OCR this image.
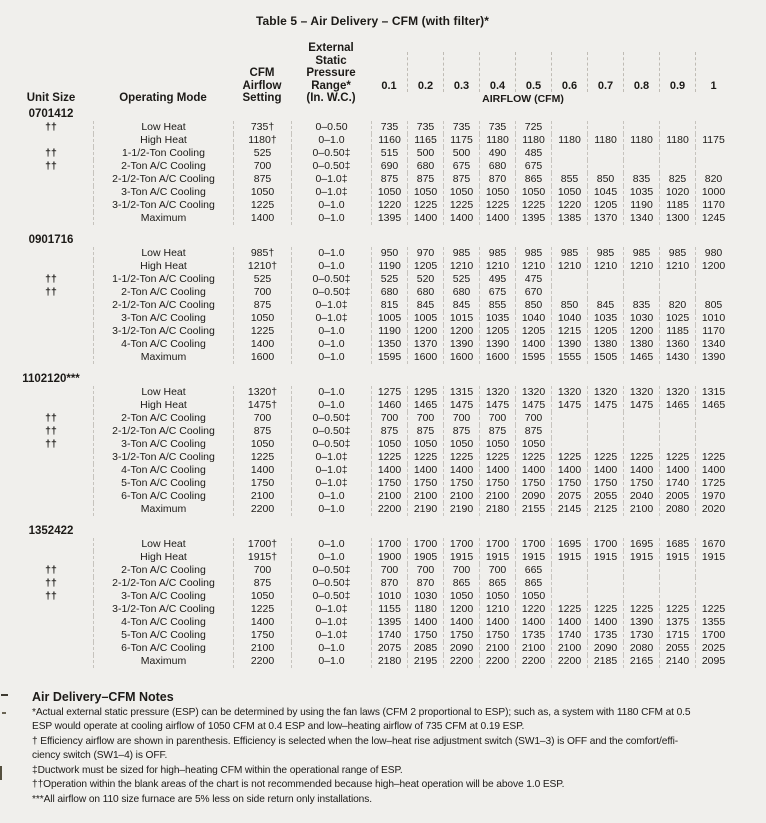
Table 5 – Air Delivery – CFM (with filter)*
Unit Size	Operating Mode
CFM
Airflow
Setting
External
Static
Pressure
Range*
(In. W.C.)
0.1	0.2	0.3	0.4	0.5	0.6	0.7	0.8	0.9	1
AIRFLOW (CFM)
0701412
††	Low Heat	735†	0–0.50	735	735	735	735	725
High Heat	1180†	0–1.0	1160	1165	1175	1180	1180	1180	1180	1180	1180	1175
††	1-1/2-Ton Cooling	525	0–0.50‡	515	500	500	490	485
††	2-Ton A/C Cooling	700	0–0.50‡	690	680	675	680	675
2-1/2-Ton A/C Cooling	875	0–1.0‡	875	875	875	870	865	855	850	835	825	820
3-Ton A/C Cooling	1050	0–1.0‡	1050	1050	1050	1050	1050	1050	1045	1035	1020	1000
3-1/2-Ton A/C Cooling	1225	0–1.0	1220	1225	1225	1225	1225	1220	1205	1190	1185	1170
Maximum	1400	0–1.0	1395	1400	1400	1400	1395	1385	1370	1340	1300	1245
0901716
Low Heat	985†	0–1.0	950	970	985	985	985	985	985	985	985	980
High Heat	1210†	0–1.0	1190	1205	1210	1210	1210	1210	1210	1210	1210	1200
††	1-1/2-Ton A/C Cooling	525	0–0.50‡	525	520	525	495	475
††	2-Ton A/C Cooling	700	0–0.50‡	680	680	680	675	670
2-1/2-Ton A/C Cooling	875	0–1.0‡	815	845	845	855	850	850	845	835	820	805
3-Ton A/C Cooling	1050	0–1.0‡	1005	1005	1015	1035	1040	1040	1035	1030	1025	1010
3-1/2-Ton A/C Cooling	1225	0–1.0	1190	1200	1200	1205	1205	1215	1205	1200	1185	1170
4-Ton A/C Cooling	1400	0–1.0	1350	1370	1390	1390	1400	1390	1380	1380	1360	1340
Maximum	1600	0–1.0	1595	1600	1600	1600	1595	1555	1505	1465	1430	1390
1102120***
Low Heat	1320†	0–1.0	1275	1295	1315	1320	1320	1320	1320	1320	1320	1315
High Heat	1475†	0–1.0	1460	1465	1475	1475	1475	1475	1475	1475	1465	1465
††	2-Ton A/C Cooling	700	0–0.50‡	700	700	700	700	700
††	2-1/2-Ton A/C Cooling	875	0–0.50‡	875	875	875	875	875
††	3-Ton A/C Cooling	1050	0–0.50‡	1050	1050	1050	1050	1050
3-1/2-Ton A/C Cooling	1225	0–1.0‡	1225	1225	1225	1225	1225	1225	1225	1225	1225	1225
4-Ton A/C Cooling	1400	0–1.0‡	1400	1400	1400	1400	1400	1400	1400	1400	1400	1400
5-Ton A/C Cooling	1750	0–1.0‡	1750	1750	1750	1750	1750	1750	1750	1750	1740	1725
6-Ton A/C Cooling	2100	0–1.0	2100	2100	2100	2100	2090	2075	2055	2040	2005	1970
Maximum	2200	0–1.0	2200	2190	2190	2180	2155	2145	2125	2100	2080	2020
1352422
Low Heat	1700†	0–1.0	1700	1700	1700	1700	1700	1695	1700	1695	1685	1670
High Heat	1915†	0–1.0	1900	1905	1915	1915	1915	1915	1915	1915	1915	1915
††	2-Ton A/C Cooling	700	0–0.50‡	700	700	700	700	665
††	2-1/2-Ton A/C Cooling	875	0–0.50‡	870	870	865	865	865
††	3-Ton A/C Cooling	1050	0–0.50‡	1010	1030	1050	1050	1050
3-1/2-Ton A/C Cooling	1225	0–1.0‡	1155	1180	1200	1210	1220	1225	1225	1225	1225	1225
4-Ton A/C Cooling	1400	0–1.0‡	1395	1400	1400	1400	1400	1400	1400	1390	1375	1355
5-Ton A/C Cooling	1750	0–1.0‡	1740	1750	1750	1750	1735	1740	1735	1730	1715	1700
6-Ton A/C Cooling	2100	0–1.0	2075	2085	2090	2100	2100	2100	2090	2080	2055	2025
Maximum	2200	0–1.0	2180	2195	2200	2200	2200	2200	2185	2165	2140	2095
Air Delivery–CFM Notes
*Actual external static pressure (ESP) can be determined by using the fan laws (CFM 2 proportional to ESP); such as, a system with 1180 CFM at 0.5
ESP would operate at cooling airflow of 1050 CFM at 0.4 ESP and low–heating airflow of 735 CFM at 0.19 ESP.
† Efficiency airflow are shown in parenthesis. Efficiency is selected when the low–heat rise adjustment switch (SW1–3) is OFF and the comfort/effi-
ciency switch (SW1–4) is OFF.
‡Ductwork must be sized for high–heating CFM within the operational range of ESP.
††Operation within the blank areas of the chart is not recommended because high–heat operation will be above 1.0 ESP.
***All airflow on 110 size furnace are 5% less on side return only installations.
